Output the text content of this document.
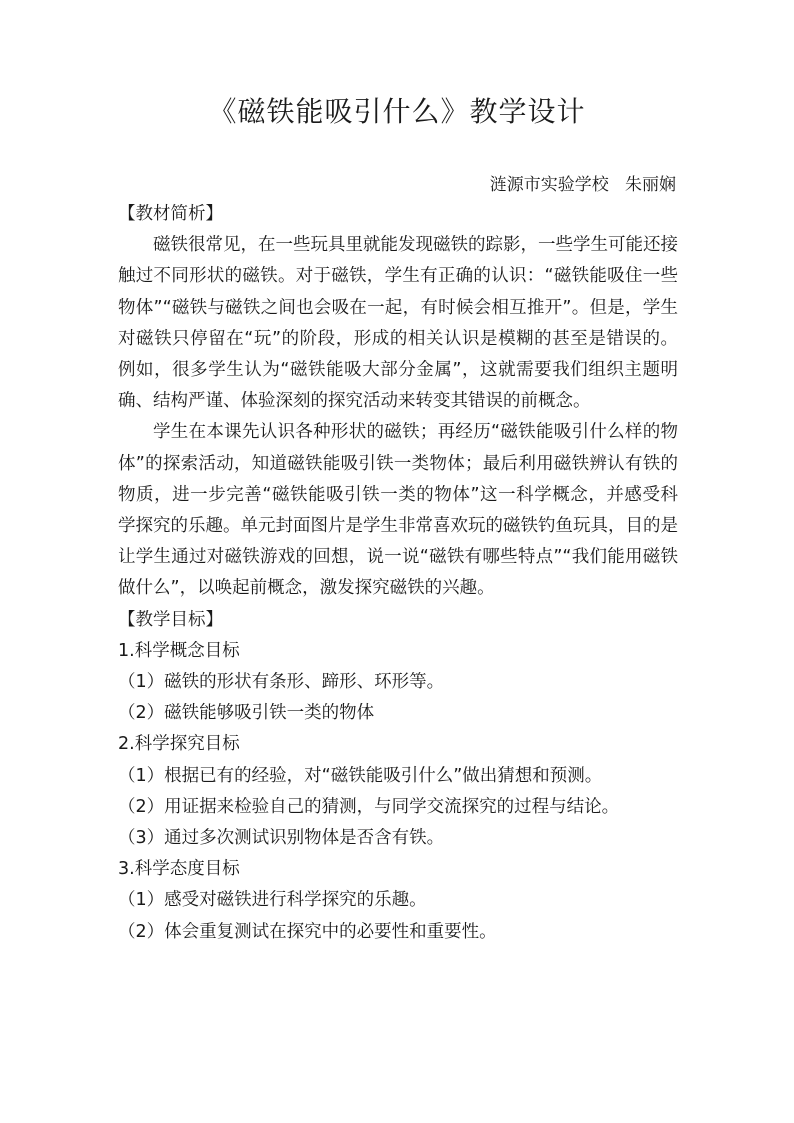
《磁铁能吸引什么》教学设计
涟源市实验学校   朱丽娴

【教材简析】

磁铁很常见，在一些玩具里就能发现磁铁的踪影，一些学生可能还接触过不同形状的磁铁。对于磁铁，学生有正确的认识：“磁铁能吸住一些物体”“磁铁与磁铁之间也会吸在一起，有时候会相互推开”。但是，学生对磁铁只停留在“玩”的阶段，形成的相关认识是模糊的甚至是错误的。例如，很多学生认为“磁铁能吸大部分金属”，这就需要我们组织主题明确、结构严谨、体验深刻的探究活动来转变其错误的前概念。

学生在本课先认识各种形状的磁铁；再经历“磁铁能吸引什么样的物体”的探索活动，知道磁铁能吸引铁一类物体；最后利用磁铁辨认有铁的物质，进一步完善“磁铁能吸引铁一类的物体”这一科学概念，并感受科学探究的乐趣。单元封面图片是学生非常喜欢玩的磁铁钓鱼玩具，目的是让学生通过对磁铁游戏的回想，说一说“磁铁有哪些特点”“我们能用磁铁做什么”，以唤起前概念，激发探究磁铁的兴趣。

【教学目标】

1.科学概念目标

（1）磁铁的形状有条形、蹄形、环形等。

（2）磁铁能够吸引铁一类的物体

2.科学探究目标

（1）根据已有的经验，对“磁铁能吸引什么”做出猜想和预测。

（2）用证据来检验自己的猜测，与同学交流探究的过程与结论。

（3）通过多次测试识别物体是否含有铁。

3.科学态度目标

（1）感受对磁铁进行科学探究的乐趣。

（2）体会重复测试在探究中的必要性和重要性。
